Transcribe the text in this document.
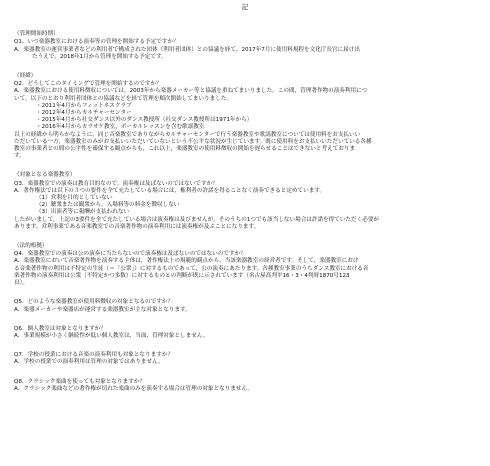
記

（管理開始時期）

Q1．いつ楽器教室における演奏等の管理を開始する予定ですか？

A．楽器教室の運営事業者などの利用者で構成された団体（利用者団体）との協議を経て，2017年7月に使用料規程を文化庁長官に届け出

たうえで，2018年1月から管理を開始する予定です。

（経緯）

Q2．どうしてこのタイミングで管理を開始するのですか？

A．楽器教室における使用料徴収については，2003年から楽器メーカー等と協議を重ねてまいりました。この間，管理著作物の演奏利用につ

いて，以下のとおり利用者団体との協議などを経て管理を順次開始してまいりました。

・2011年4月からフィットネスクラブ

・2012年4月からカルチャーセンター

・2015年4月から社交ダンス以外のダンス教授所（社交ダンス教授所は1971年から）

・2016年4月からカラオケ教室，ボーカルレッスンを含む歌謡教室

以上の経緯から明らかなように，同じ音楽教室でありながらカルチャーセンターで行う楽器教室や歌謡教室については使用料をお支払いい

ただいている一方，楽器教室のみがお支払いいただいていないという不公平な状況が生じています。既に使用料をお支払いいただいている各種

教室の事業者との間の公平性を確保する観点からも，これ以上，楽器教室の使用料徴収の開始を遅らせることはできないと考えておりま

す。

（対象となる楽器教室）

Q3．楽器教室での演奏は教育目的なので，演奏権は及ばないのではないですか？

A．著作権法では以下の３つの要件を全て充たしている場合には，権利者の許諾を得ることなく演奏できると定めています。

（1）営利を目的としていない

（2）聴衆または観衆から，入場料等の料金を徴収しない

（3）出演者等に報酬が支払われない

したがいまして，上記の3要件を全て充たしている場合は演奏権は及びませんが，そのうちの1つでも該当しない場合は許諾を得ていただく必要が

あります。営利事業である音楽教室での音楽著作物の演奏利用には演奏権が及ぶことになります。

（法的根拠）

Q4．楽器教室での演奏は公の演奏に当たらないので演奏権は及ばないのではないのですか？

A．楽器教室において音楽著作物を演奏する主体は，著作権法上の規範的観点から，当該楽器教室の経営者です。そして，楽器教室におけ

る音楽著作物の利用は不特定の生徒（＝「公衆」）に対するものであって，公の演奏にあたります。各種教室事業のうちダンス教室における音

楽著作物の演奏利用は公衆（不特定かつ多数）に対するものとの判断が既に示されています（名古屋高判平16・3・4判時1870号123

頁）。

Q5．どのような楽器教室が使用料徴収の対象となるのですか？

A．楽器メーカーや楽器店が運営する楽器教室が主な対象となります。

Q6．個人教室は対象となりますか？

A．事業規模が小さく継続性が低い個人教室は，当面，管理対象としません。

Q7．学校の授業における音楽の演奏利用も対象となりますか？

A．学校の授業での演奏利用は管理の対象ではありません。

Q8．クラシック楽曲を使っても対象となりますか？

A．クラシック楽曲などの著作権が切れた楽曲のみを演奏する場合は管理の対象となりません。
